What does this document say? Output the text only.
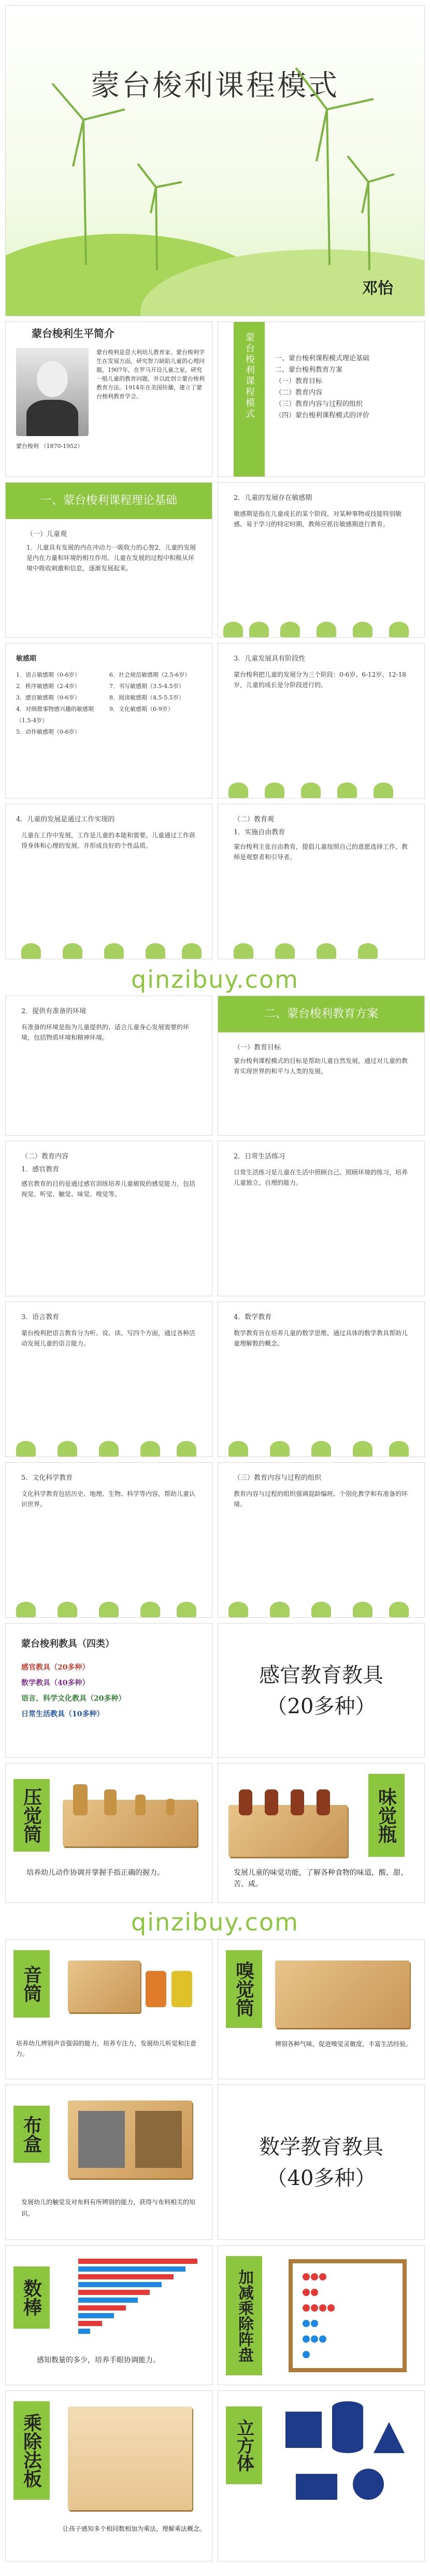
蒙台梭利课程模式
邓怡
蒙台梭利生平简介
蒙台梭利 （1870-1952）
蒙台梭利是意大利幼儿教育家。蒙台梭利学生在发展方面，研究智力缺陷儿童的心理问题，1907年，在罗马开设儿童之家，研究一般儿童的教育问题，并以此创立蒙台梭利教育方法。1914年在美国传播，建立了蒙台梭利教育学会。	蒙台梭利课程模式	一、蒙台梭利课程模式理论基础
二、蒙台梭利教育方案
（一）教育目标
（二）教育内容
（三）教育内容与过程的组织
（四）蒙台梭利课程模式的评价
一、蒙台梭利课程理论基础
（一）儿童观
1．儿童具有发展的内在冲动力一吸收力的心智2．儿童的发展是内在力量和环境的相互作用。儿童在发展的过程中积极从环境中吸收刺激和信息，逐渐发展起来。
2．儿童的发展存在敏感期
敏感期是指在儿童成长的某个阶段，对某种事物或技能特别敏感、易于学习的特定时期，教师应抓住敏感期进行教育。
敏感期
1．语言敏感期（0-6岁）
2．秩序敏感期（2-4岁）
3．感官敏感期（0-6岁）
4．对细微事物感兴趣的敏感期（1.5-4岁）
5．动作敏感期（0-6岁）
6．社会规范敏感期（2.5-6岁）
7．书写敏感期（3.5-4.5岁）
8．阅读敏感期（4.5-5.5岁）
9．文化敏感期（6-9岁）
3．儿童发展具有阶段性
蒙台梭利把儿童的发展分为三个阶段：0-6岁、6-12岁、12-18岁，儿童的成长是分阶段进行的。
4．儿童的发展是通过工作实现的
儿童在工作中发展，工作是儿童的本能和需要。儿童通过工作获得身体和心理的发展，并形成良好的个性品质。
（二）教育观
1．实施自由教育
蒙台梭利主张自由教育，提倡儿童按照自己的意愿选择工作，教师是观察者和引导者。
qinzibuy.com
2．提供有准备的环境
有准备的环境是指为儿童提供的、适合儿童身心发展需要的环境，包括物质环境和精神环境。
二、蒙台梭利教育方案
（一）教育目标
蒙台梭利课程模式的目标是帮助儿童自然发展，通过对儿童的教育实现世界的和平与人类的发展。
（二）教育内容
1．感官教育
感官教育的目的是通过感官训练培养儿童敏锐的感觉能力，包括视觉、听觉、触觉、味觉、嗅觉等。
2．日常生活练习
日常生活练习是儿童在生活中照顾自己、照顾环境的练习，培养儿童独立、自理的能力。
3．语言教育
蒙台梭利把语言教育分为听、说、读、写四个方面，通过各种活动发展儿童的语言能力。
4．数学教育
数学教育旨在培养儿童的数学思维，通过具体的数学教具帮助儿童理解数的概念。
5．文化科学教育
文化科学教育包括历史、地理、生物、科学等内容，帮助儿童认识世界。
（三）教育内容与过程的组织
教育内容与过程的组织强调混龄编班、个别化教学和有准备的环境。
蒙台梭利教具（四类）
感官教具（20多种）
数学教具（40多种）
语言、科学文化教具（20多种）
日常生活教具（10多种）
感官教育教具
（20多种）
压觉筒
培养幼儿动作协调并掌握手指正确的握力。
味觉瓶
发展儿童的味觉功能，了解各种食物的味道，酸、甜、苦、咸。
qinzibuy.com
音筒
培养幼儿辨别声音强弱的能力，培养专注力，发展幼儿听觉和注意力。
嗅觉筒
辨别各种气味，促进嗅觉灵敏度，丰富生活经验。
布盒
发展幼儿的触觉及对布料有所辨别的能力，获得与布料相关的知识。
数学教育教具
（40多种）
数棒
感知数量的多少，培养手眼协调能力。	加减乘除阵盘
乘除法板
让孩子感知多个相同数相加为乘法，理解乘法概念。
立方体
